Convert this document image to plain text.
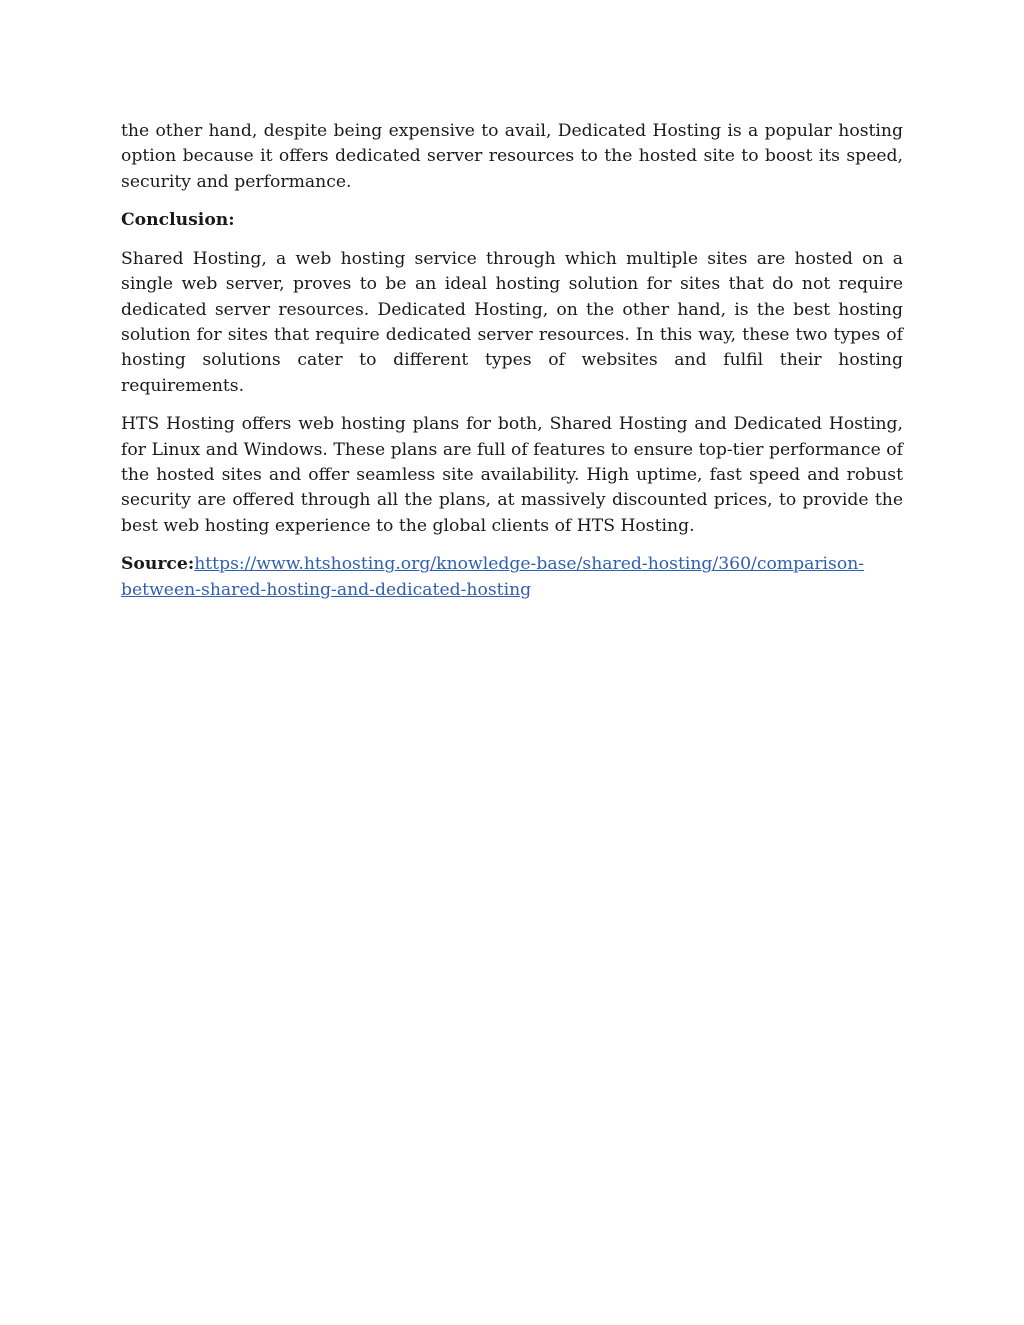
the other hand, despite being expensive to avail, Dedicated Hosting is a popular hosting option because it offers dedicated server resources to the hosted site to boost its speed, security and performance.

Conclusion:

Shared Hosting, a web hosting service through which multiple sites are hosted on a single web server, proves to be an ideal hosting solution for sites that do not require dedicated server resources. Dedicated Hosting, on the other hand, is the best hosting solution for sites that require dedicated server resources. In this way, these two types of hosting solutions cater to different types of websites and fulfil their hosting requirements.

HTS Hosting offers web hosting plans for both, Shared Hosting and Dedicated Hosting, for Linux and Windows. These plans are full of features to ensure top-tier performance of the hosted sites and offer seamless site availability. High uptime, fast speed and robust security are offered through all the plans, at massively discounted prices, to provide the best web hosting experience to the global clients of HTS Hosting.

Source:https://www.htshosting.org/knowledge-base/shared-hosting/360/comparison-between-shared-hosting-and-dedicated-hosting
